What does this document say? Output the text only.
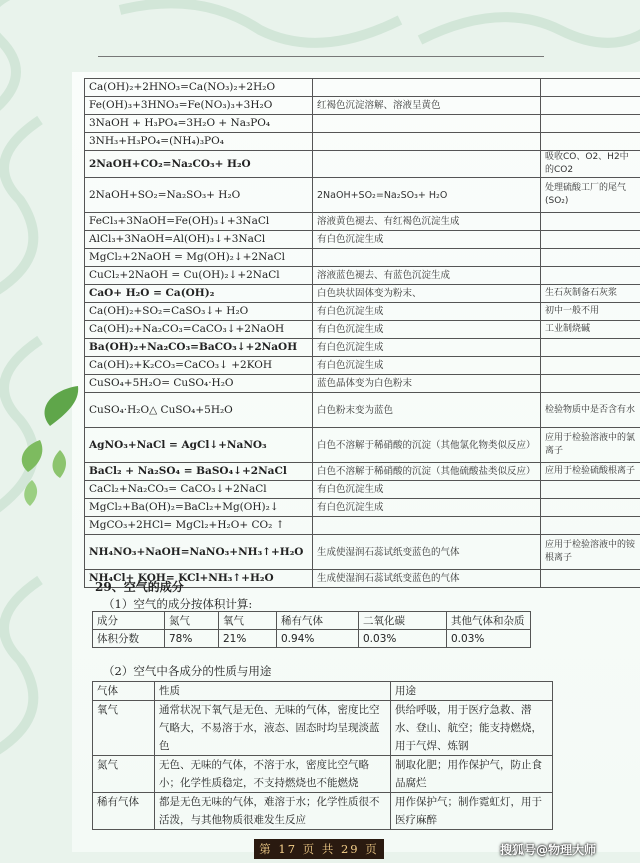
Ca(OH)₂+2HNO₃=Ca(NO₃)₂+2H₂O		
Fe(OH)₃+3HNO₃=Fe(NO₃)₃+3H₂O	红褐色沉淀溶解、溶液呈黄色	
3NaOH + H₃PO₄=3H₂O + Na₃PO₄		
3NH₃+H₃PO₄=(NH₄)₃PO₄		
2NaOH+CO₂=Na₂CO₃+ H₂O		吸收CO、O2、H2中的CO2
2NaOH+SO₂=Na₂SO₃+ H₂O	2NaOH+SO₂=Na₂SO₃+ H₂O	处理硫酸工厂的尾气(SO₂)
FeCl₃+3NaOH=Fe(OH)₃↓+3NaCl	溶液黄色褪去、有红褐色沉淀生成	
AlCl₃+3NaOH=Al(OH)₃↓+3NaCl	有白色沉淀生成	
MgCl₂+2NaOH = Mg(OH)₂↓+2NaCl		
CuCl₂+2NaOH = Cu(OH)₂↓+2NaCl	溶液蓝色褪去、有蓝色沉淀生成	
CaO+ H₂O = Ca(OH)₂	白色块状固体变为粉末、	生石灰制备石灰浆
Ca(OH)₂+SO₂=CaSO₃↓+ H₂O	有白色沉淀生成	初中一般不用
Ca(OH)₂+Na₂CO₃=CaCO₃↓+2NaOH	有白色沉淀生成	工业制烧碱
Ba(OH)₂+Na₂CO₃=BaCO₃↓+2NaOH	有白色沉淀生成	
Ca(OH)₂+K₂CO₃=CaCO₃↓ +2KOH	有白色沉淀生成	
CuSO₄+5H₂O= CuSO₄·H₂O	蓝色晶体变为白色粉末	
CuSO₄·H₂O△ CuSO₄+5H₂O	白色粉末变为蓝色	检验物质中是否含有水
AgNO₃+NaCl = AgCl↓+NaNO₃	白色不溶解于稀硝酸的沉淀（其他氯化物类似反应）	应用于检验溶液中的氯离子
BaCl₂ + Na₂SO₄ = BaSO₄↓+2NaCl	白色不溶解于稀硝酸的沉淀（其他硫酸盐类似反应）	应用于检验硫酸根离子
CaCl₂+Na₂CO₃= CaCO₃↓+2NaCl	有白色沉淀生成	
MgCl₂+Ba(OH)₂=BaCl₂+Mg(OH)₂↓	有白色沉淀生成	
MgCO₃+2HCl= MgCl₂+H₂O+ CO₂ ↑		
NH₄NO₃+NaOH=NaNO₃+NH₃↑+H₂O	生成使湿润石蕊试纸变蓝色的气体	应用于检验溶液中的铵根离子
NH₄Cl+ KOH= KCl+NH₃↑+H₂O	生成使湿润石蕊试纸变蓝色的气体	
29、空气的成分
（1）空气的成分按体积计算:
成分	氮气	氧气	稀有气体	二氧化碳	其他气体和杂质
体积分数	78%	21%	0.94%	0.03%	0.03%
（2）空气中各成分的性质与用途
气体	性质	用途
氧气	通常状况下氧气是无色、无味的气体，密度比空气略大，不易溶于水，液态、固态时均呈现淡蓝色	供给呼吸，用于医疗急救、潜水、登山、航空；能支持燃烧，用于气焊、炼钢
氮气	无色、无味的气体，不溶于水，密度比空气略小；化学性质稳定，不支持燃烧也不能燃烧	制取化肥；用作保护气，防止食品腐烂
稀有气体	都是无色无味的气体，难溶于水；化学性质很不活泼，与其他物质很难发生反应	用作保护气；制作霓虹灯，用于医疗麻醉
第 17 页 共 29 页	搜狐号@物理大师
